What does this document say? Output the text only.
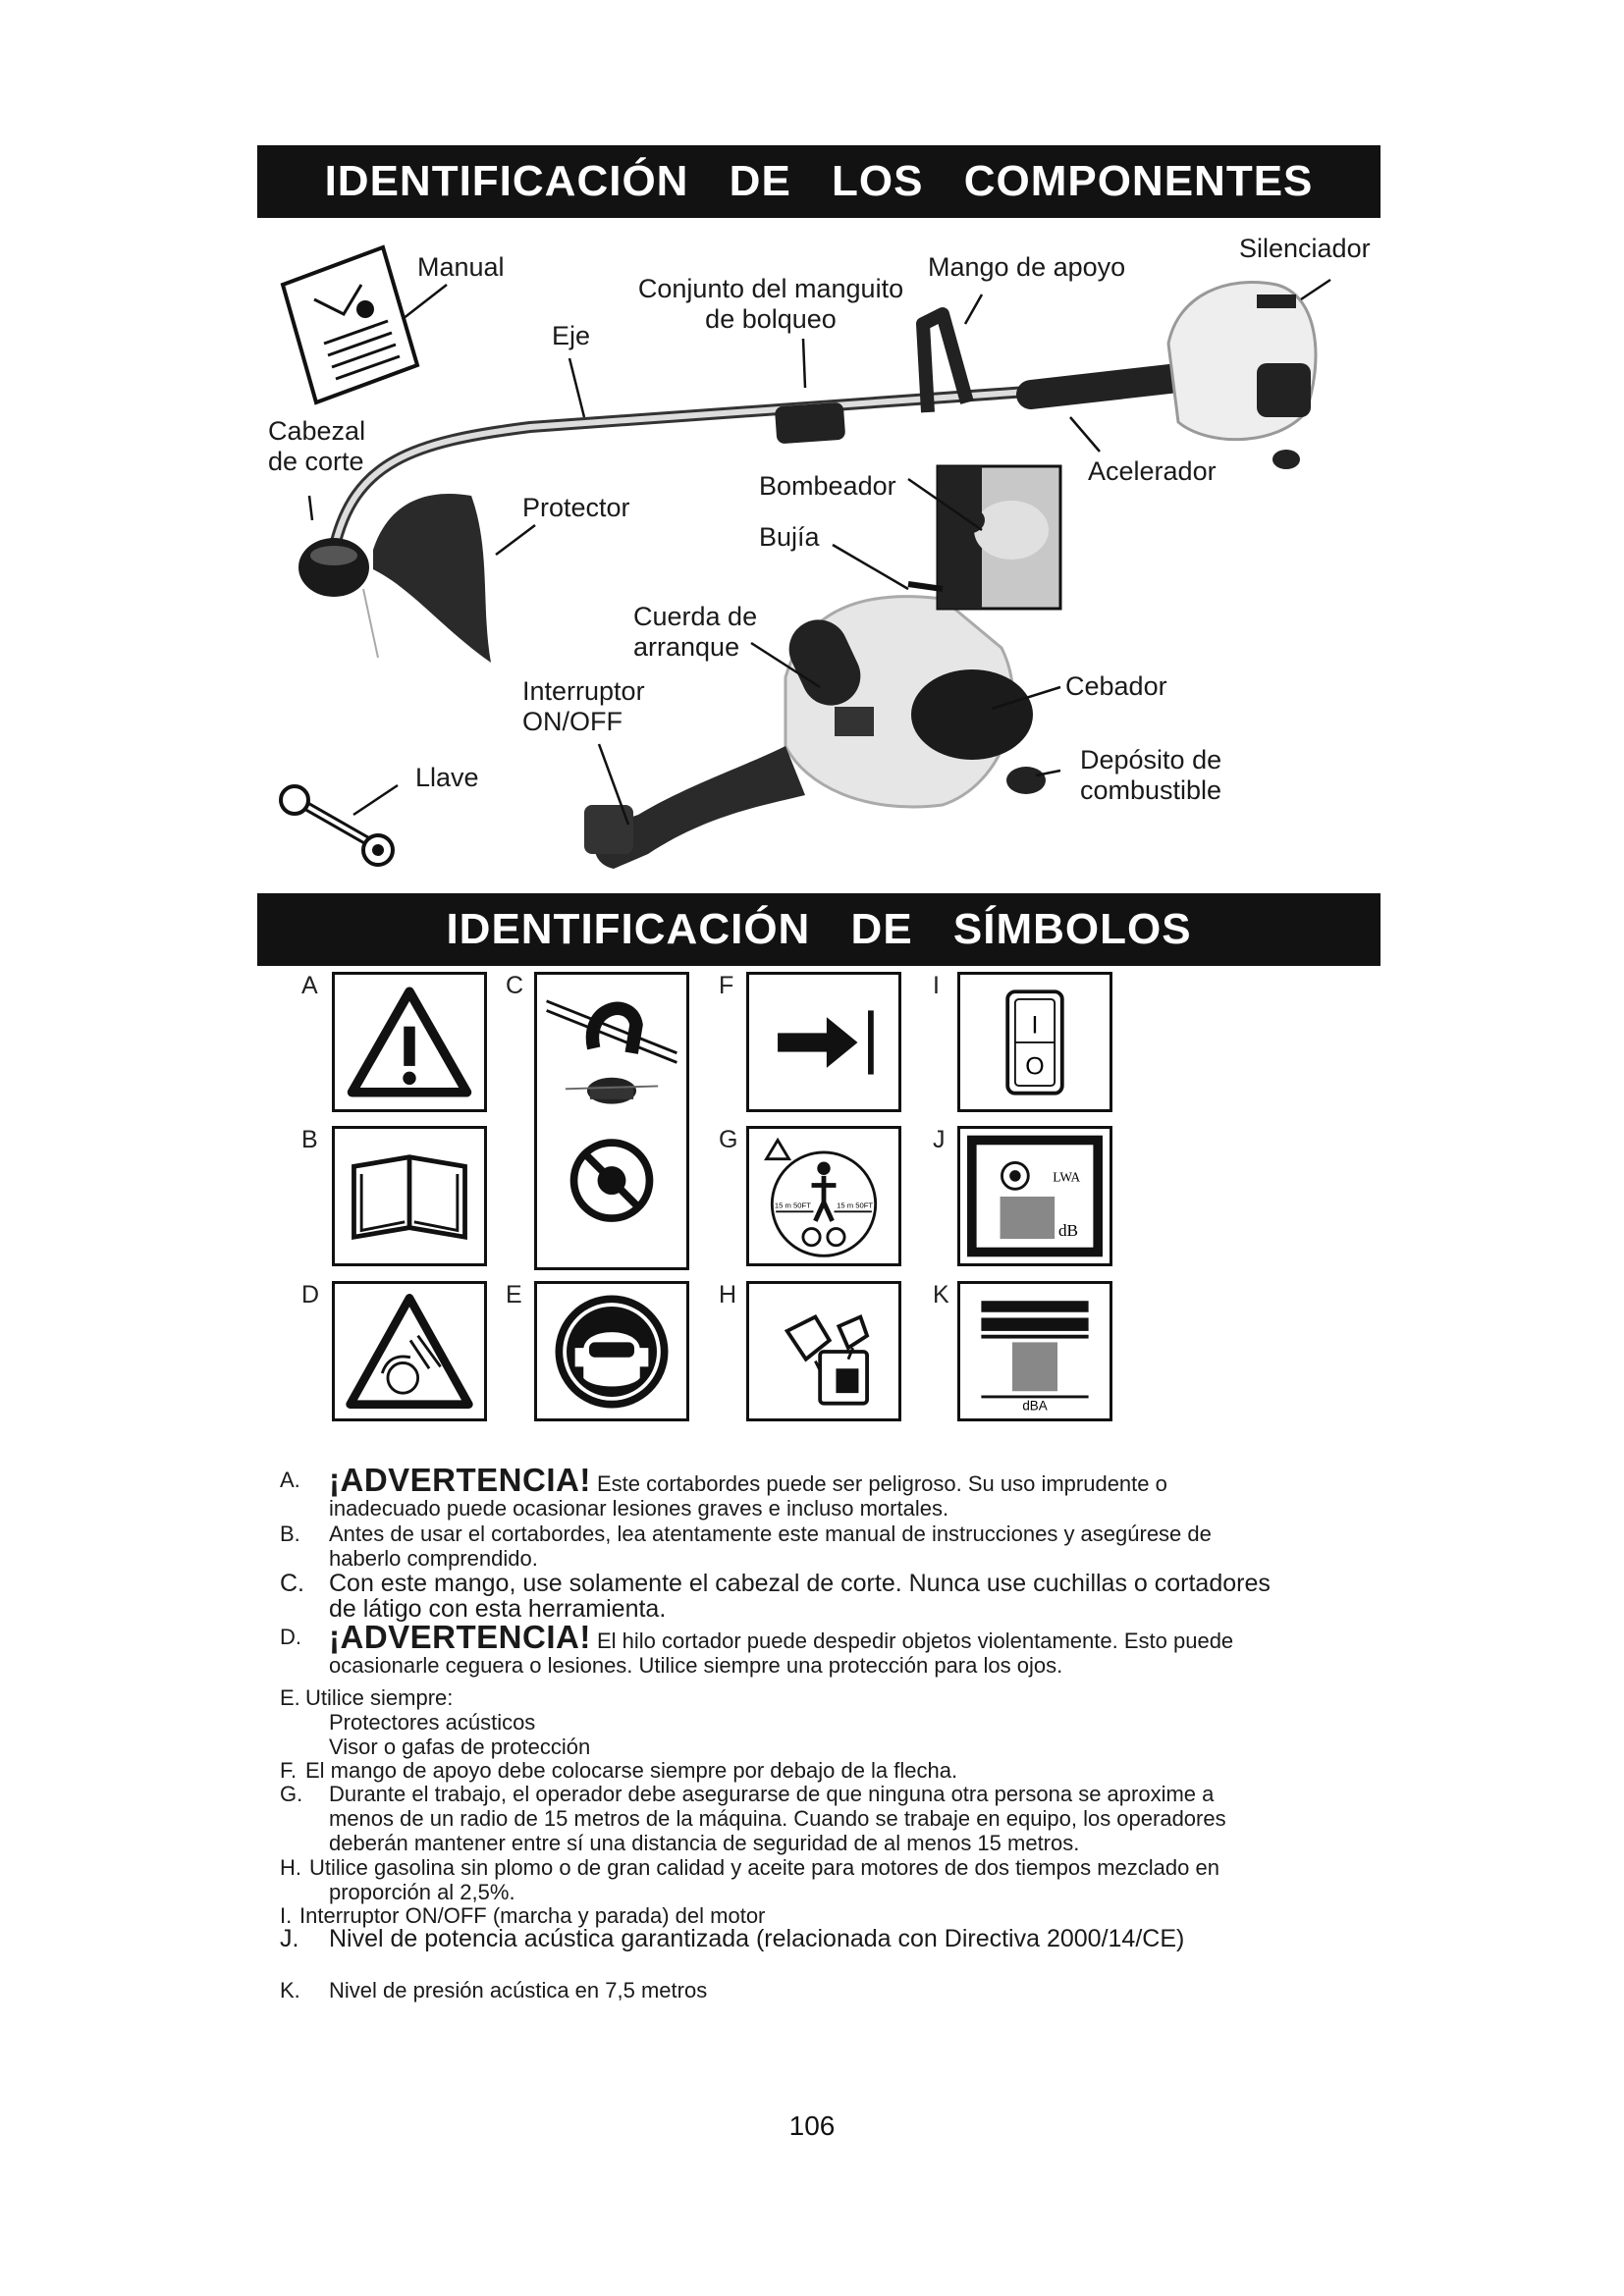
IDENTIFICACIÓN DE LOS COMPONENTES
Manual
Conjunto del manguito
de bolqueo
Mango de apoyo
Silenciador
Eje
Cabezal
de corte
Protector
Bombeador	Acelerador
Bujía
Cuerda de
arranque
Interruptor
ON/OFF
Cebador
Llave
Depósito de
combustible
IDENTIFICACIÓN DE SÍMBOLOS
A
B
C
D	E
F
G
H
I
J
K
15 m 50FT	15 m 50FT
I
O
LWA
dB
dBA
A. ¡ADVERTENCIA! Este cortabordes puede ser peligroso. Su uso imprudente o
inadecuado puede ocasionar lesiones graves e incluso mortales.
B. Antes de usar el cortabordes, lea atentamente este manual de instrucciones y asegúrese de
haberlo comprendido.
C. Con este mango, use solamente el cabezal de corte. Nunca use cuchillas o cortadores
de látigo con esta herramienta.
D. ¡ADVERTENCIA! El hilo cortador puede despedir objetos violentamente. Esto puede
ocasionarle ceguera o lesiones. Utilice siempre una protección para los ojos.
E. Utilice siempre:
Protectores acústicos
Visor o gafas de protección
F. El mango de apoyo debe colocarse siempre por debajo de la flecha.
G. Durante el trabajo, el operador debe asegurarse de que ninguna otra persona se aproxime a
menos de un radio de 15 metros de la máquina. Cuando se trabaje en equipo, los operadores
deberán mantener entre sí una distancia de seguridad de al menos 15 metros.
H. Utilice gasolina sin plomo o de gran calidad y aceite para motores de dos tiempos mezclado en
proporción al 2,5%.
I. Interruptor ON/OFF (marcha y parada) del motor
J. Nivel de potencia acústica garantizada (relacionada con Directiva 2000/14/CE)
K. Nivel de presión acústica en 7,5 metros
106
